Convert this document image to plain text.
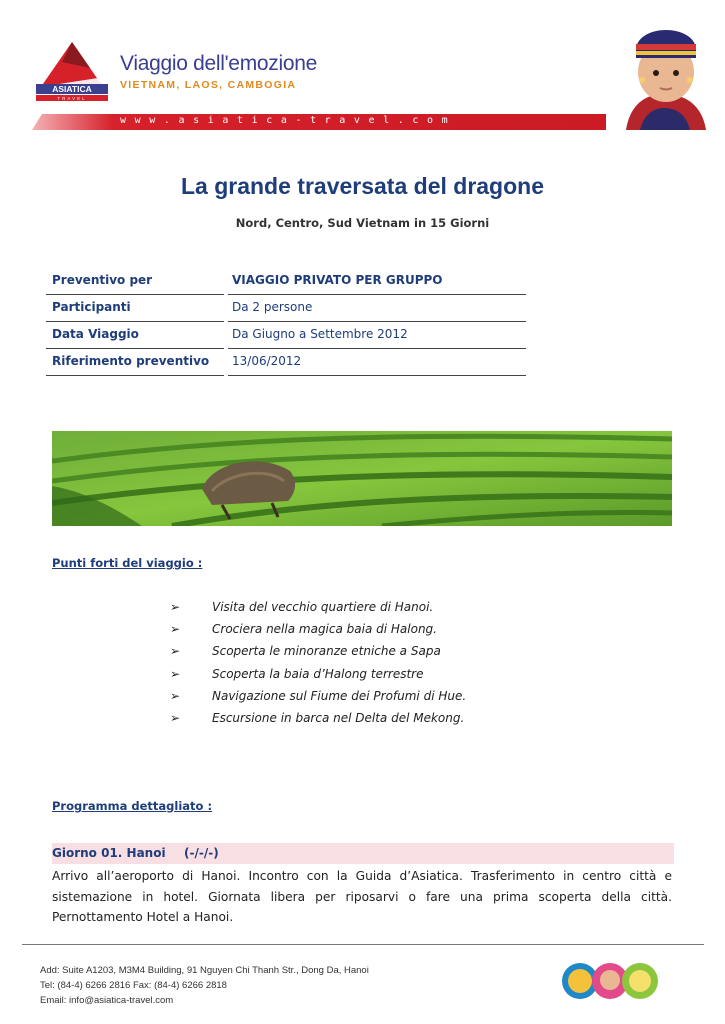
ASIATICA
TRAVEL
Viaggio dell'emozione
VIETNAM, LAOS, CAMBOGIA
www.asiatica-travel.com
La grande traversata del dragone
Nord, Centro, Sud Vietnam in 15 Giorni
Preventivo per	VIAGGIO PRIVATO PER GRUPPO
Participanti	Da 2 persone
Data Viaggio	Da Giugno a Settembre 2012
Riferimento preventivo 13/06/2012
Punti forti del viaggio :
➢	Visita del vecchio quartiere di Hanoi.
➢	Crociera nella magica baia di Halong.
➢	Scoperta le minoranze etniche a Sapa
➢	Scoperta la baia d’Halong terrestre
➢	Navigazione sul Fiume dei Profumi di Hue.
➢	Escursione in barca nel Delta del Mekong.
Programma dettagliato :
Giorno 01. Hanoi (-/-/-)
Arrivo all’aeroporto di Hanoi. Incontro con la Guida d’Asiatica. Trasferimento in centro città e sistemazione in hotel. Giornata libera per riposarvi o fare una prima scoperta della città. Pernottamento Hotel a Hanoi.
Add: Suite A1203, M3M4 Building, 91 Nguyen Chi Thanh Str., Dong Da, Hanoi
Tel: (84-4) 6266 2816 Fax: (84-4) 6266 2818
Email: info@asiatica-travel.com
